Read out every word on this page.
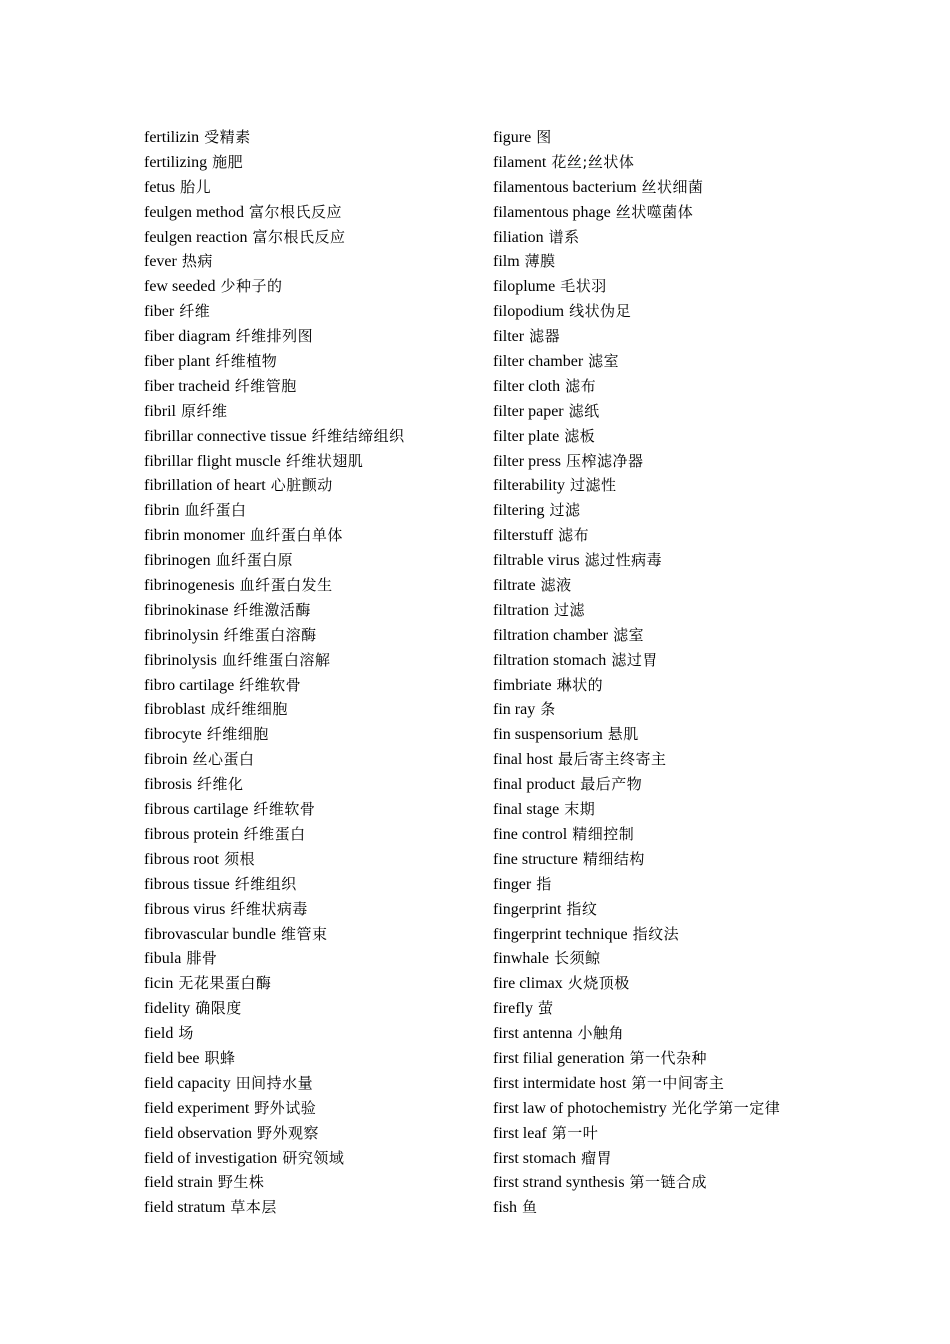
fertilizin 受精素
fertilizing 施肥
fetus 胎儿
feulgen method 富尔根氏反应
feulgen reaction 富尔根氏反应
fever 热病
few seeded 少种子的
fiber 纤维
fiber diagram 纤维排列图
fiber plant 纤维植物
fiber tracheid 纤维管胞
fibril 原纤维
fibrillar connective tissue 纤维结缔组织
fibrillar flight muscle 纤维状翅肌
fibrillation of heart 心脏颤动
fibrin 血纤蛋白
fibrin monomer 血纤蛋白单体
fibrinogen 血纤蛋白原
fibrinogenesis 血纤蛋白发生
fibrinokinase 纤维激活酶
fibrinolysin 纤维蛋白溶酶
fibrinolysis 血纤维蛋白溶解
fibro cartilage 纤维软骨
fibroblast 成纤维细胞
fibrocyte 纤维细胞
fibroin 丝心蛋白
fibrosis 纤维化
fibrous cartilage 纤维软骨
fibrous protein 纤维蛋白
fibrous root 须根
fibrous tissue 纤维组织
fibrous virus 纤维状病毒
fibrovascular bundle 维管束
fibula 腓骨
ficin 无花果蛋白酶
fidelity 确限度
field 场
field bee 职蜂
field capacity 田间持水量
field experiment 野外试验
field observation 野外观察
field of investigation 研究领域
field strain 野生株
field stratum 草本层
figure 图
filament 花丝;丝状体
filamentous bacterium 丝状细菌
filamentous phage 丝状噬菌体
filiation 谱系
film 薄膜
filoplume 毛状羽
filopodium 线状伪足
filter 滤器
filter chamber 滤室
filter cloth 滤布
filter paper 滤纸
filter plate 滤板
filter press 压榨滤净器
filterability 过滤性
filtering 过滤
filterstuff 滤布
filtrable virus 滤过性病毒
filtrate 滤液
filtration 过滤
filtration chamber 滤室
filtration stomach 滤过胃
fimbriate 琳状的
fin ray 条
fin suspensorium 悬肌
final host 最后寄主终寄主
final product 最后产物
final stage 末期
fine control 精细控制
fine structure 精细结构
finger 指
fingerprint 指纹
fingerprint technique 指纹法
finwhale 长须鲸
fire climax 火烧顶极
firefly 萤
first antenna 小触角
first filial generation 第一代杂种
first intermidate host 第一中间寄主
first law of photochemistry 光化学第一定律
first leaf 第一叶
first stomach 瘤胃
first strand synthesis 第一链合成
fish 鱼
